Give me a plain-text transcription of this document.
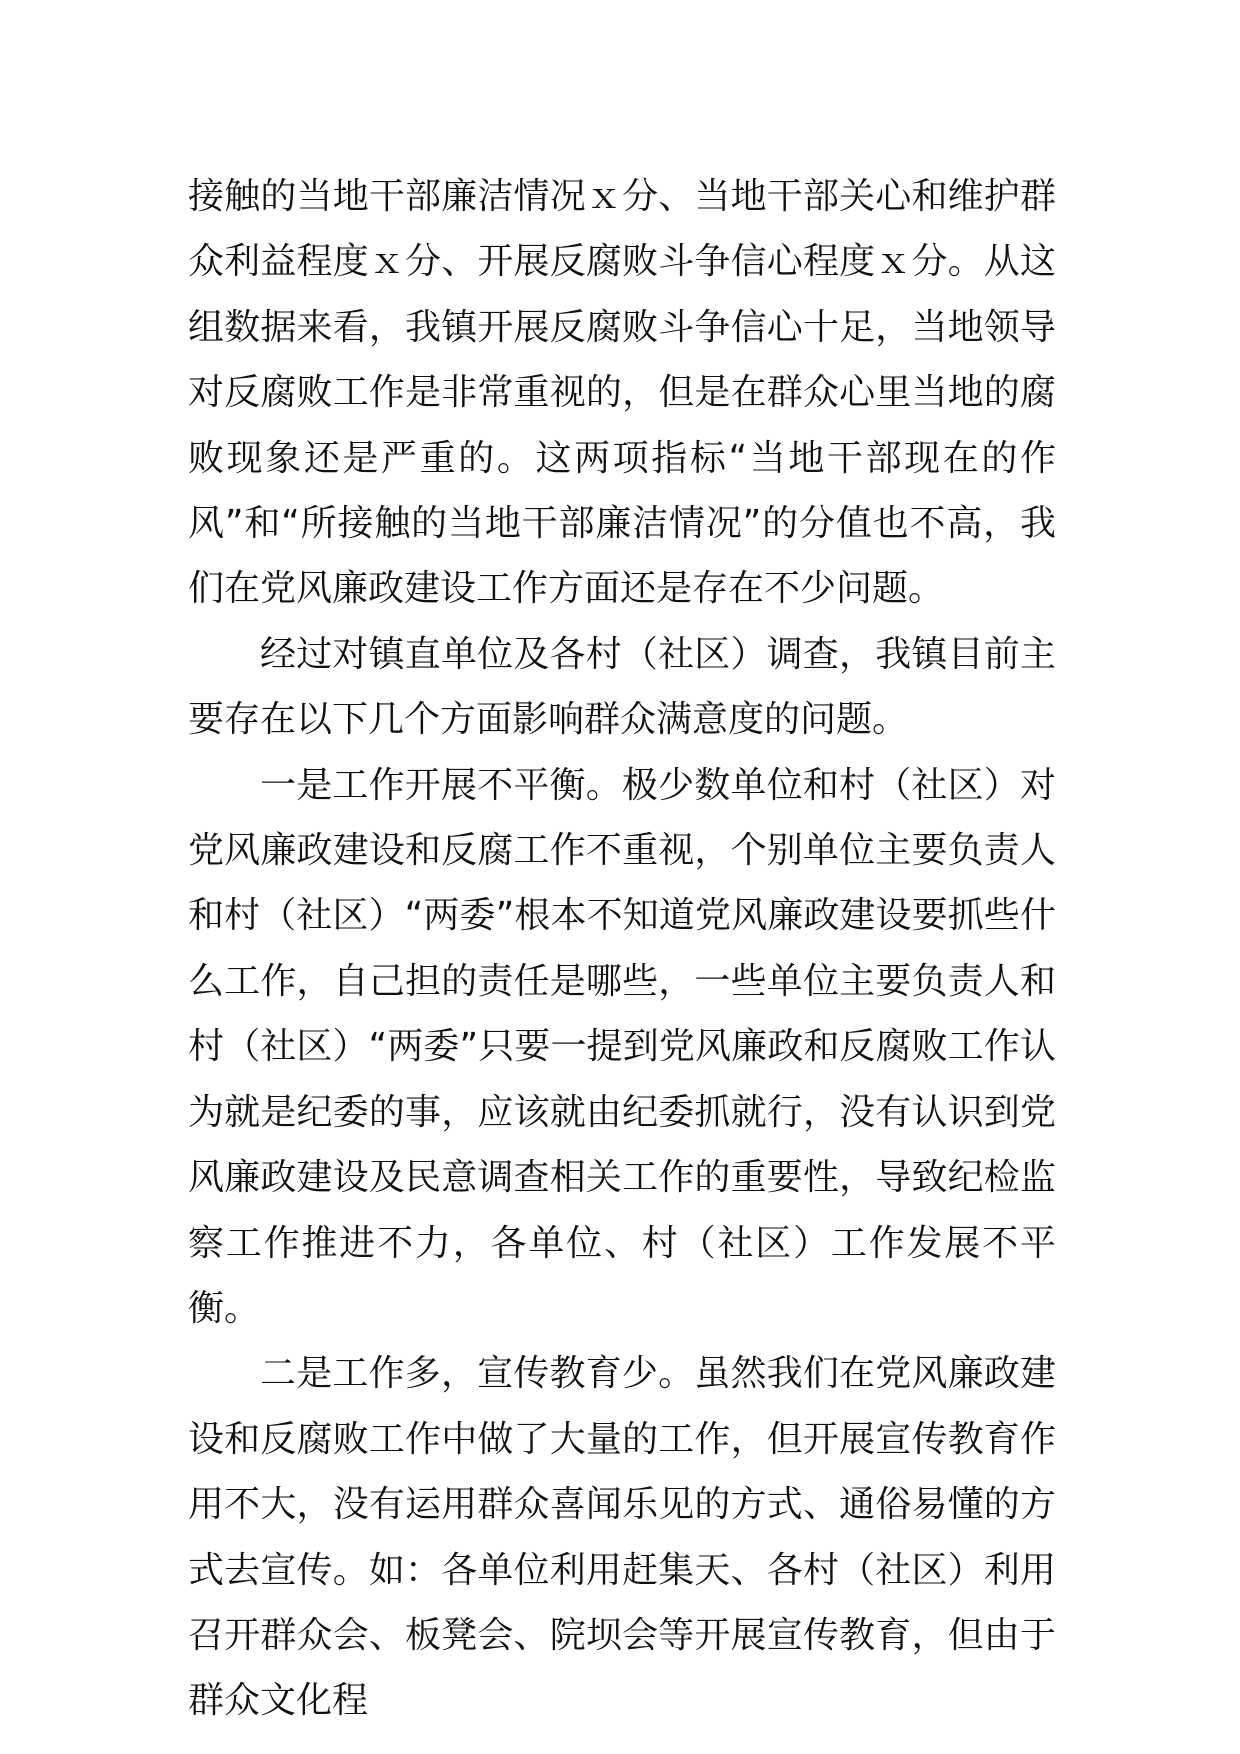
接触的当地干部廉洁情况ｘ分、当地干部关心和维护群众利益程度ｘ分、开展反腐败斗争信心程度ｘ分。从这组数据来看，我镇开展反腐败斗争信心十足，当地领导对反腐败工作是非常重视的，但是在群众心里当地的腐败现象还是严重的。这两项指标“当地干部现在的作风”和“所接触的当地干部廉洁情况”的分值也不高，我们在党风廉政建设工作方面还是存在不少问题。

经过对镇直单位及各村（社区）调查，我镇目前主要存在以下几个方面影响群众满意度的问题。

一是工作开展不平衡。极少数单位和村（社区）对党风廉政建设和反腐工作不重视，个别单位主要负责人和村（社区）“两委”根本不知道党风廉政建设要抓些什么工作，自己担的责任是哪些，一些单位主要负责人和村（社区）“两委”只要一提到党风廉政和反腐败工作认为就是纪委的事，应该就由纪委抓就行，没有认识到党风廉政建设及民意调查相关工作的重要性，导致纪检监察工作推进不力，各单位、村（社区）工作发展不平衡。

二是工作多，宣传教育少。虽然我们在党风廉政建设和反腐败工作中做了大量的工作，但开展宣传教育作用不大，没有运用群众喜闻乐见的方式、通俗易懂的方式去宣传。如：各单位利用赶集天、各村（社区）利用召开群众会、板凳会、院坝会等开展宣传教育，但由于群众文化程
